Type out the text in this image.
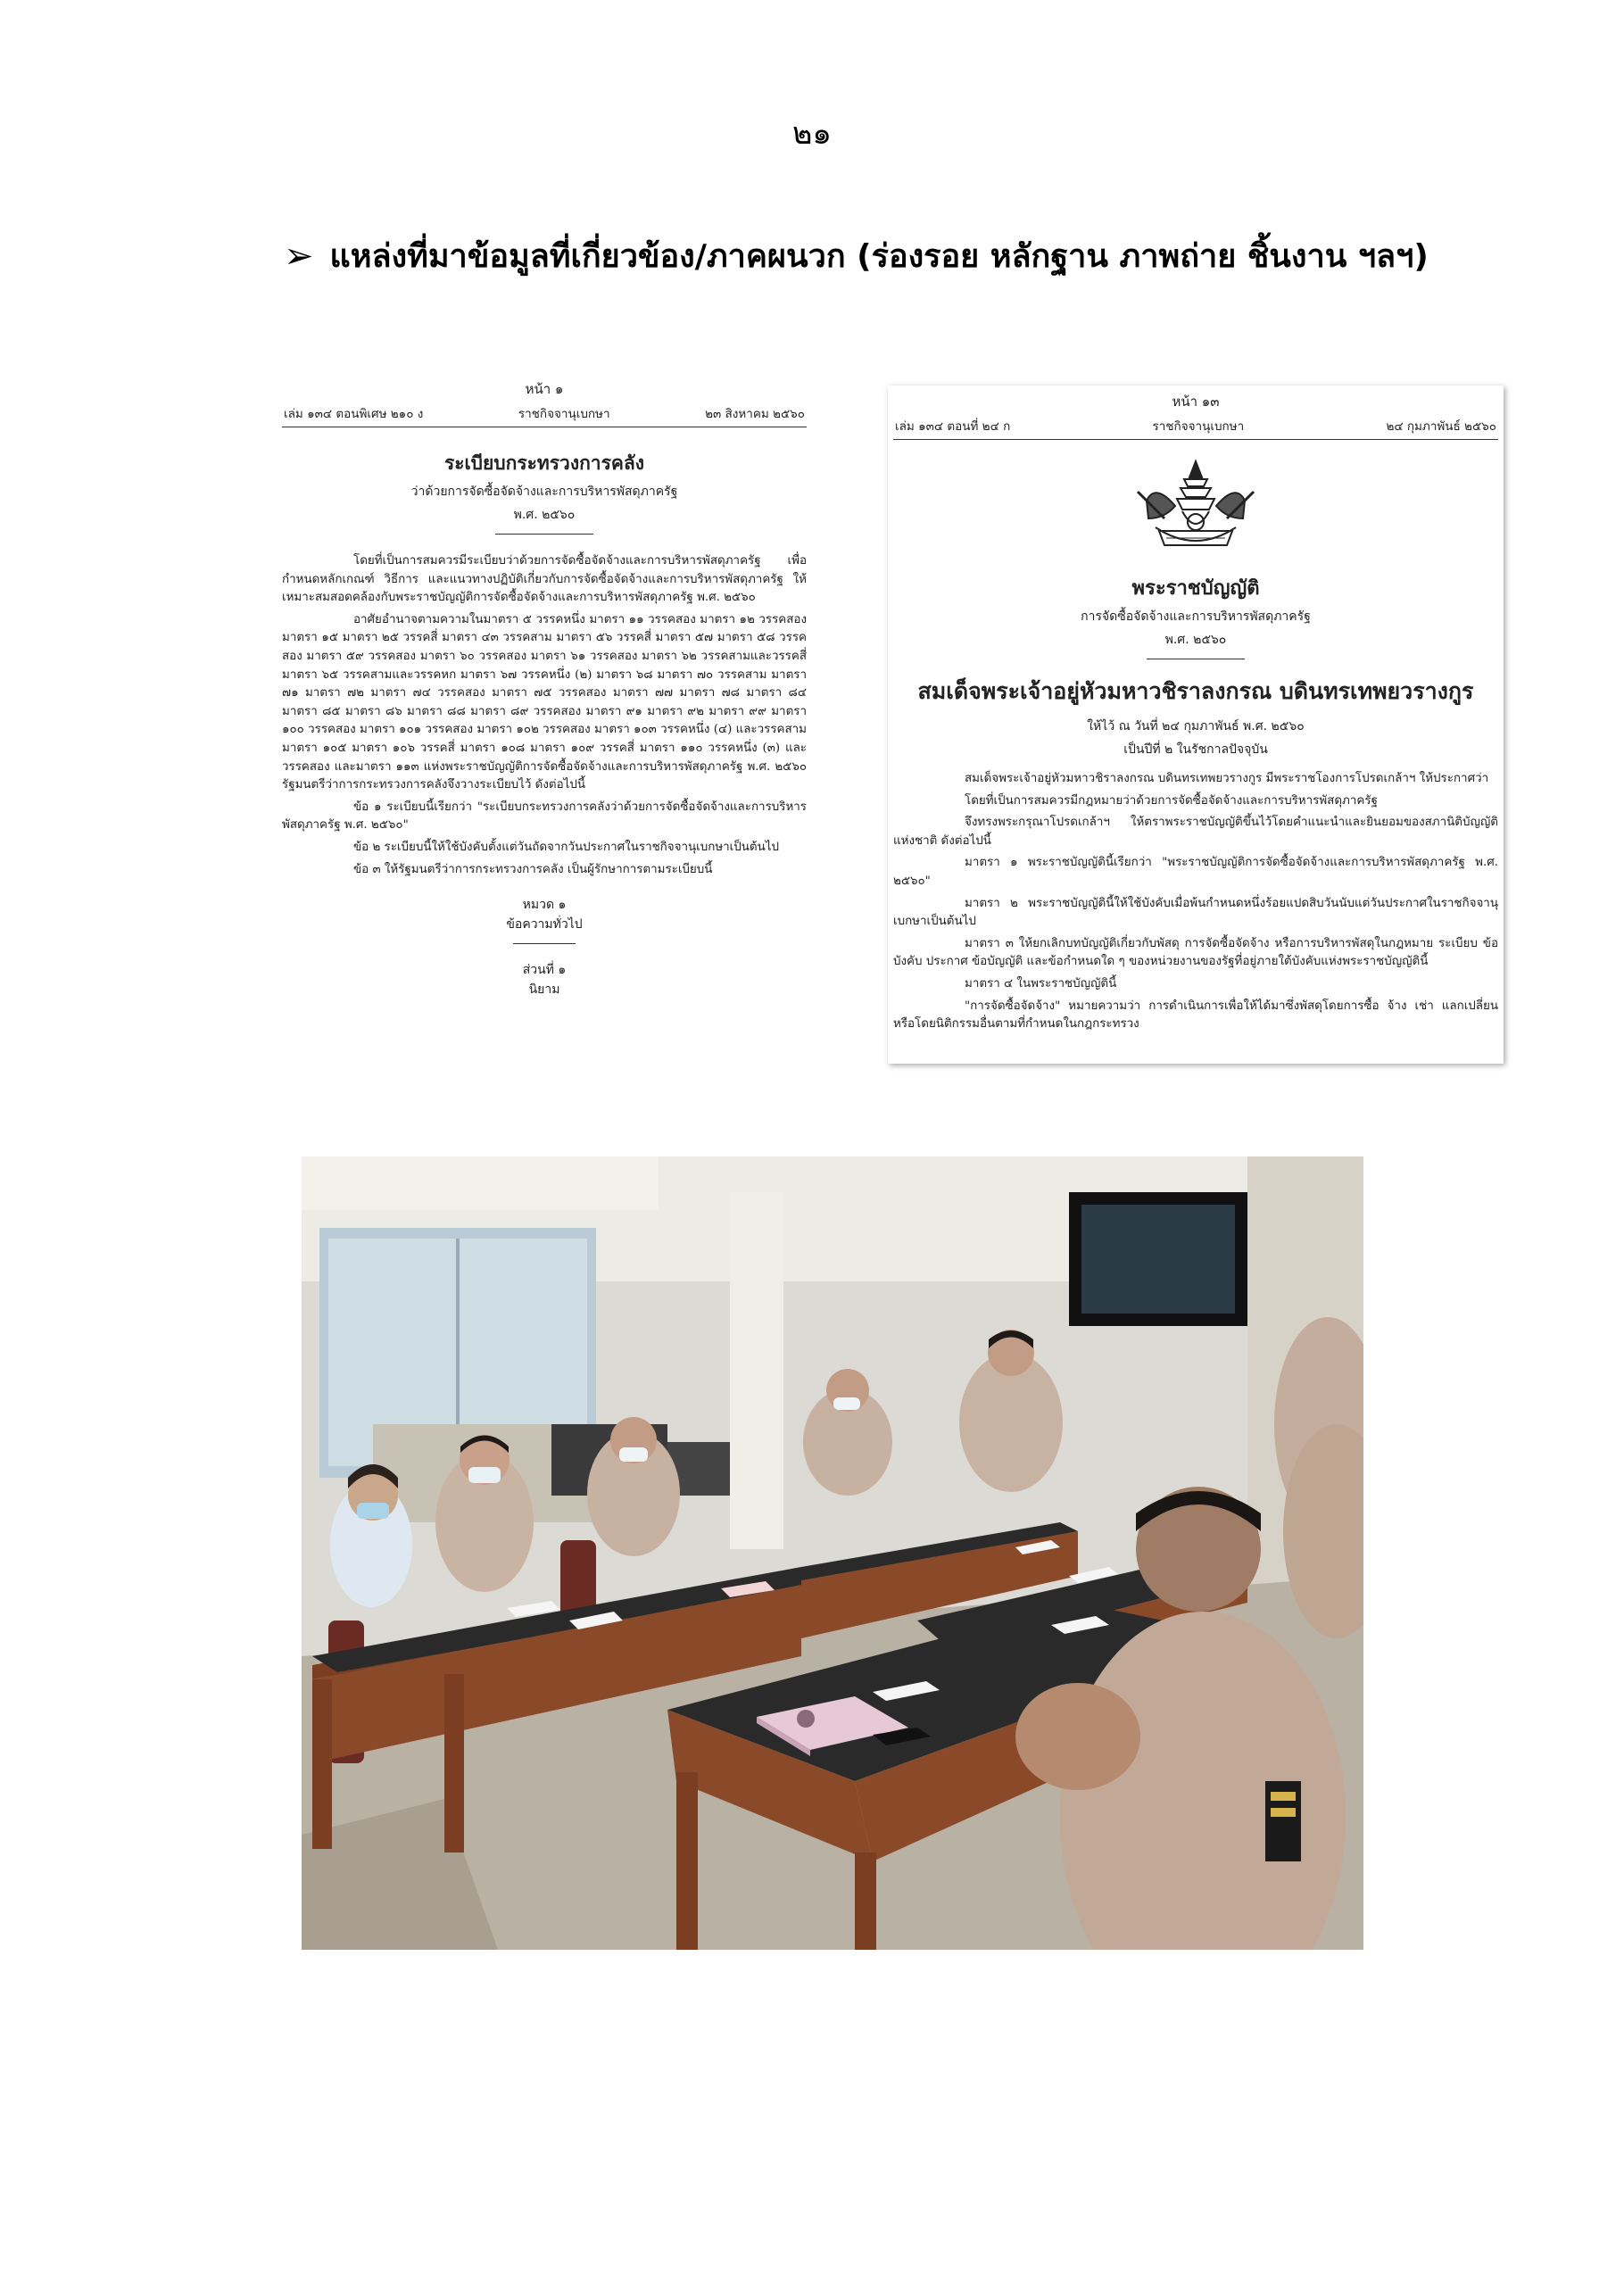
๒๑
➢ แหล่งที่มาข้อมูลที่เกี่ยวข้อง/ภาคผนวก (ร่องรอย หลักฐาน ภาพถ่าย ชิ้นงาน ฯลฯ)
หน้า ๑
เล่ม ๑๓๔ ตอนพิเศษ ๒๑๐ ง	ราชกิจจานุเบกษา	๒๓ สิงหาคม ๒๕๖๐
ระเบียบกระทรวงการคลัง
ว่าด้วยการจัดซื้อจัดจ้างและการบริหารพัสดุภาครัฐ
พ.ศ. ๒๕๖๐
โดยที่เป็นการสมควรมีระเบียบว่าด้วยการจัดซื้อจัดจ้างและการบริหารพัสดุภาครัฐ เพื่อกำหนดหลักเกณฑ์ วิธีการ และแนวทางปฏิบัติเกี่ยวกับการจัดซื้อจัดจ้างและการบริหารพัสดุภาครัฐ ให้เหมาะสมสอดคล้องกับพระราชบัญญัติการจัดซื้อจัดจ้างและการบริหารพัสดุภาครัฐ พ.ศ. ๒๕๖๐
อาศัยอำนาจตามความในมาตรา ๕ วรรคหนึ่ง มาตรา ๑๑ วรรคสอง มาตรา ๑๒ วรรคสอง มาตรา ๑๕ มาตรา ๒๕ วรรคสี่ มาตรา ๔๓ วรรคสาม มาตรา ๕๖ วรรคสี่ มาตรา ๕๗ มาตรา ๕๘ วรรคสอง มาตรา ๕๙ วรรคสอง มาตรา ๖๐ วรรคสอง มาตรา ๖๑ วรรคสอง มาตรา ๖๒ วรรคสามและวรรคสี่ มาตรา ๖๕ วรรคสามและวรรคหก มาตรา ๖๗ วรรคหนึ่ง (๒) มาตรา ๖๘ มาตรา ๗๐ วรรคสาม มาตรา ๗๑ มาตรา ๗๒ มาตรา ๗๔ วรรคสอง มาตรา ๗๕ วรรคสอง มาตรา ๗๗ มาตรา ๗๘ มาตรา ๘๔ มาตรา ๘๕ มาตรา ๘๖ มาตรา ๘๘ มาตรา ๘๙ วรรคสอง มาตรา ๙๑ มาตรา ๙๒ มาตรา ๙๙ มาตรา ๑๐๐ วรรคสอง มาตรา ๑๐๑ วรรคสอง มาตรา ๑๐๒ วรรคสอง มาตรา ๑๐๓ วรรคหนึ่ง (๔) และวรรคสาม มาตรา ๑๐๕ มาตรา ๑๐๖ วรรคสี่ มาตรา ๑๐๘ มาตรา ๑๐๙ วรรคสี่ มาตรา ๑๑๐ วรรคหนึ่ง (๓) และวรรคสอง และมาตรา ๑๑๓ แห่งพระราชบัญญัติการจัดซื้อจัดจ้างและการบริหารพัสดุภาครัฐ พ.ศ. ๒๕๖๐ รัฐมนตรีว่าการกระทรวงการคลังจึงวางระเบียบไว้ ดังต่อไปนี้
ข้อ ๑ ระเบียบนี้เรียกว่า "ระเบียบกระทรวงการคลังว่าด้วยการจัดซื้อจัดจ้างและการบริหารพัสดุภาครัฐ พ.ศ. ๒๕๖๐"
ข้อ ๒ ระเบียบนี้ให้ใช้บังคับตั้งแต่วันถัดจากวันประกาศในราชกิจจานุเบกษาเป็นต้นไป
ข้อ ๓ ให้รัฐมนตรีว่าการกระทรวงการคลัง เป็นผู้รักษาการตามระเบียบนี้
หมวด ๑
ข้อความทั่วไป
ส่วนที่ ๑
นิยาม
หน้า ๑๓
เล่ม ๑๓๔ ตอนที่ ๒๔ ก	ราชกิจจานุเบกษา	๒๔ กุมภาพันธ์ ๒๕๖๐
พระราชบัญญัติ
การจัดซื้อจัดจ้างและการบริหารพัสดุภาครัฐ
พ.ศ. ๒๕๖๐
สมเด็จพระเจ้าอยู่หัวมหาวชิราลงกรณ บดินทรเทพยวรางกูร
ให้ไว้ ณ วันที่ ๒๔ กุมภาพันธ์ พ.ศ. ๒๕๖๐
เป็นปีที่ ๒ ในรัชกาลปัจจุบัน
สมเด็จพระเจ้าอยู่หัวมหาวชิราลงกรณ บดินทรเทพยวรางกูร มีพระราชโองการโปรดเกล้าฯ ให้ประกาศว่า
โดยที่เป็นการสมควรมีกฎหมายว่าด้วยการจัดซื้อจัดจ้างและการบริหารพัสดุภาครัฐ
จึงทรงพระกรุณาโปรดเกล้าฯ ให้ตราพระราชบัญญัติขึ้นไว้โดยคำแนะนำและยินยอมของสภานิติบัญญัติแห่งชาติ ดังต่อไปนี้
มาตรา ๑ พระราชบัญญัตินี้เรียกว่า "พระราชบัญญัติการจัดซื้อจัดจ้างและการบริหารพัสดุภาครัฐ พ.ศ. ๒๕๖๐"
มาตรา ๒ พระราชบัญญัตินี้ให้ใช้บังคับเมื่อพ้นกำหนดหนึ่งร้อยแปดสิบวันนับแต่วันประกาศในราชกิจจานุเบกษาเป็นต้นไป
มาตรา ๓ ให้ยกเลิกบทบัญญัติเกี่ยวกับพัสดุ การจัดซื้อจัดจ้าง หรือการบริหารพัสดุในกฎหมาย ระเบียบ ข้อบังคับ ประกาศ ข้อบัญญัติ และข้อกำหนดใด ๆ ของหน่วยงานของรัฐที่อยู่ภายใต้บังคับแห่งพระราชบัญญัตินี้
มาตรา ๔ ในพระราชบัญญัตินี้
"การจัดซื้อจัดจ้าง" หมายความว่า การดำเนินการเพื่อให้ได้มาซึ่งพัสดุโดยการซื้อ จ้าง เช่า แลกเปลี่ยน หรือโดยนิติกรรมอื่นตามที่กำหนดในกฎกระทรวง
